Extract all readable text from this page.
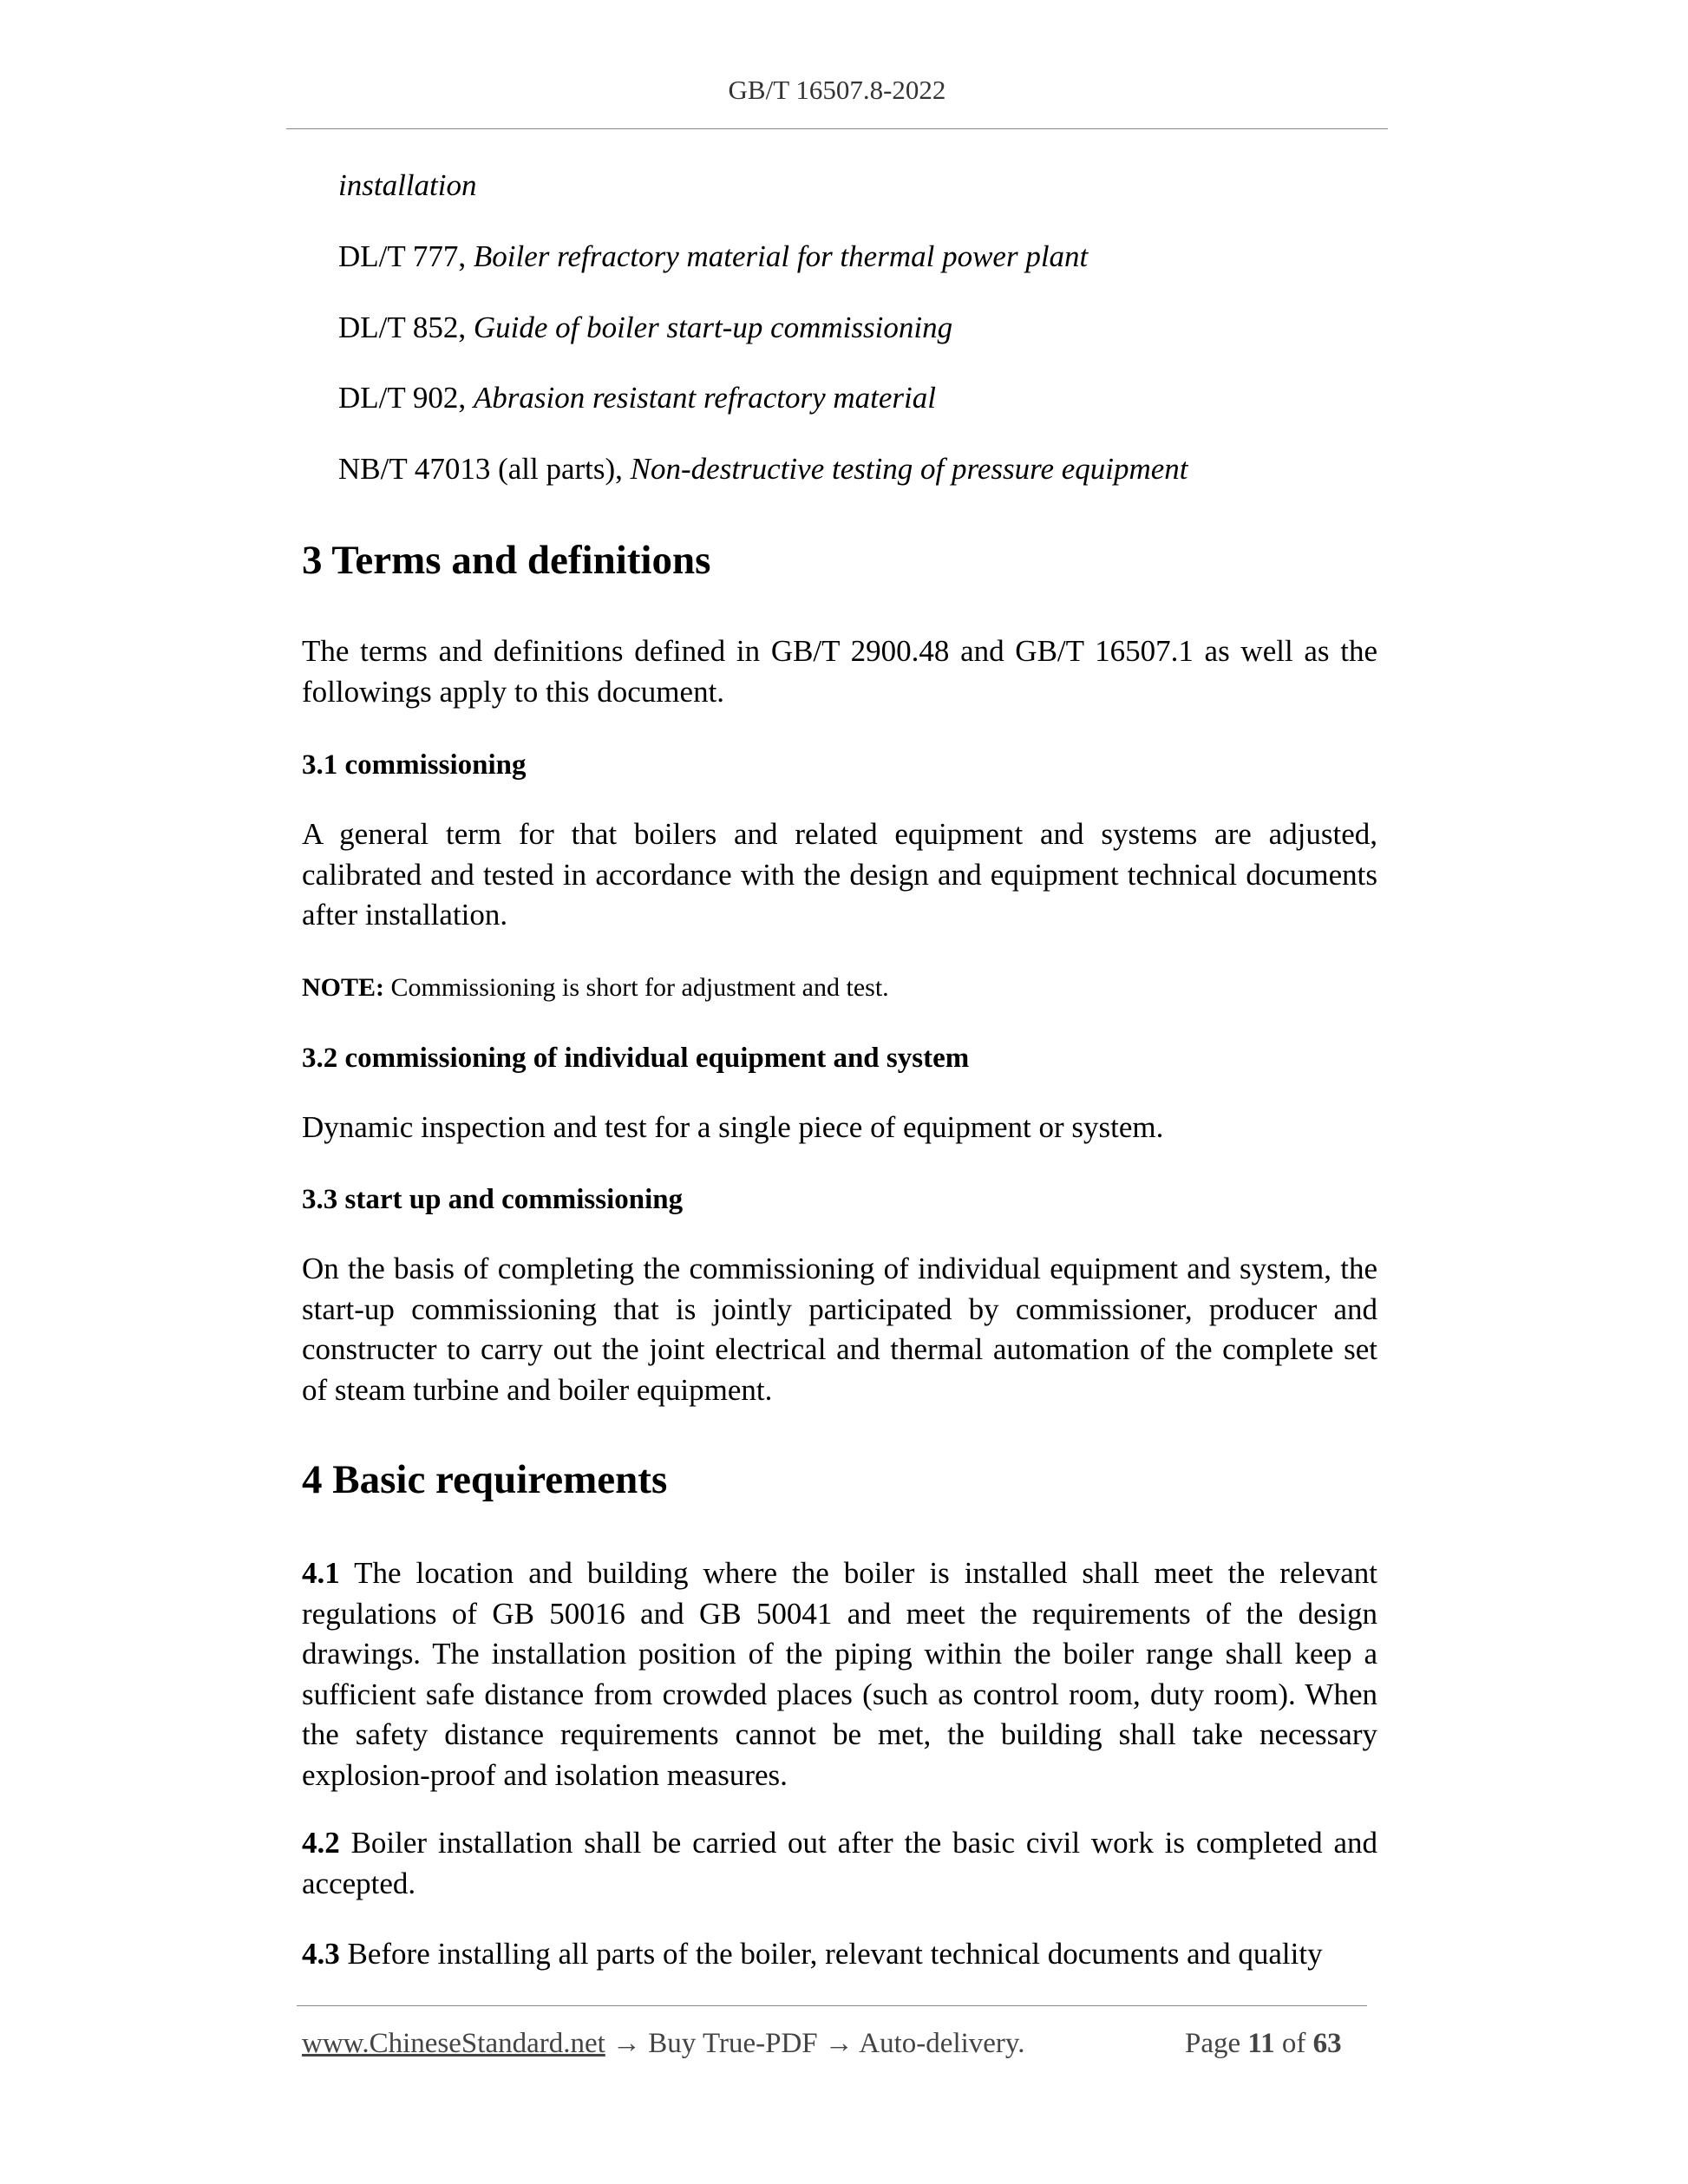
GB/T 16507.8-2022
installation
DL/T 777, Boiler refractory material for thermal power plant
DL/T 852, Guide of boiler start-up commissioning
DL/T 902, Abrasion resistant refractory material
NB/T 47013 (all parts), Non-destructive testing of pressure equipment
3 Terms and definitions
The terms and definitions defined in GB/T 2900.48 and GB/T 16507.1 as well as the followings apply to this document.
3.1 commissioning
A general term for that boilers and related equipment and systems are adjusted, calibrated and tested in accordance with the design and equipment technical documents after installation.
NOTE: Commissioning is short for adjustment and test.
3.2 commissioning of individual equipment and system
Dynamic inspection and test for a single piece of equipment or system.
3.3 start up and commissioning
On the basis of completing the commissioning of individual equipment and system, the start-up commissioning that is jointly participated by commissioner, producer and constructer to carry out the joint electrical and thermal automation of the complete set of steam turbine and boiler equipment.
4 Basic requirements
4.1 The location and building where the boiler is installed shall meet the relevant regulations of GB 50016 and GB 50041 and meet the requirements of the design drawings. The installation position of the piping within the boiler range shall keep a sufficient safe distance from crowded places (such as control room, duty room). When the safety distance requirements cannot be met, the building shall take necessary explosion-proof and isolation measures.
4.2 Boiler installation shall be carried out after the basic civil work is completed and accepted.
4.3 Before installing all parts of the boiler, relevant technical documents and quality
www.ChineseStandard.net → Buy True-PDF → Auto-delivery.	Page 11 of 63
